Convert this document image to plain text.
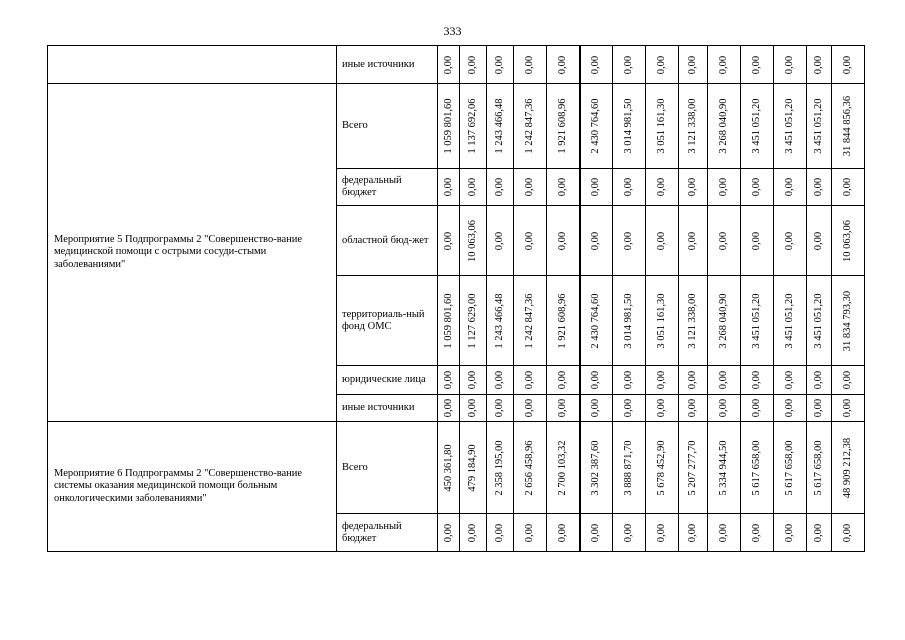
333
	иные источники	0,00	0,00	0,00	0,00	0,00	0,00	0,00	0,00	0,00	0,00	0,00	0,00	0,00	0,00

Мероприятие 5 Подпрограммы 2 "Совершенство-вание медицинской помощи с острыми сосуди-стыми заболеваниями"	Всего	1 059 801,60	1 137 692,06	1 243 466,48	1 242 847,36	1 921 608,96	2 430 764,60	3 014 981,50	3 051 161,30	3 121 338,00	3 268 040,90	3 451 051,20	3 451 051,20	3 451 051,20	31 844 856,36

	федеральный бюджет	0,00	0,00	0,00	0,00	0,00	0,00	0,00	0,00	0,00	0,00	0,00	0,00	0,00	0,00

	областной бюд-жет	0,00	10 063,06	0,00	0,00	0,00	0,00	0,00	0,00	0,00	0,00	0,00	0,00	0,00	10 063,06

	территориаль-ный фонд ОМС	1 059 801,60	1 127 629,00	1 243 466,48	1 242 847,36	1 921 608,96	2 430 764,60	3 014 981,50	3 051 161,30	3 121 338,00	3 268 040,90	3 451 051,20	3 451 051,20	3 451 051,20	31 834 793,30

	юридические лица	0,00	0,00	0,00	0,00	0,00	0,00	0,00	0,00	0,00	0,00	0,00	0,00	0,00	0,00

	иные источники	0,00	0,00	0,00	0,00	0,00	0,00	0,00	0,00	0,00	0,00	0,00	0,00	0,00	0,00

Мероприятие 6 Подпрограммы 2 "Совершенство-вание системы оказания медицинской помощи больным онкологическими заболеваниями"	Всего	450 361,80	479 184,90	2 358 195,00	2 656 458,96	2 700 103,32	3 302 387,60	3 888 871,70	5 678 452,90	5 207 277,70	5 334 944,50	5 617 658,00	5 617 658,00	5 617 658,00	48 909 212,38

	федеральный бюджет	0,00	0,00	0,00	0,00	0,00	0,00	0,00	0,00	0,00	0,00	0,00	0,00	0,00	0,00
